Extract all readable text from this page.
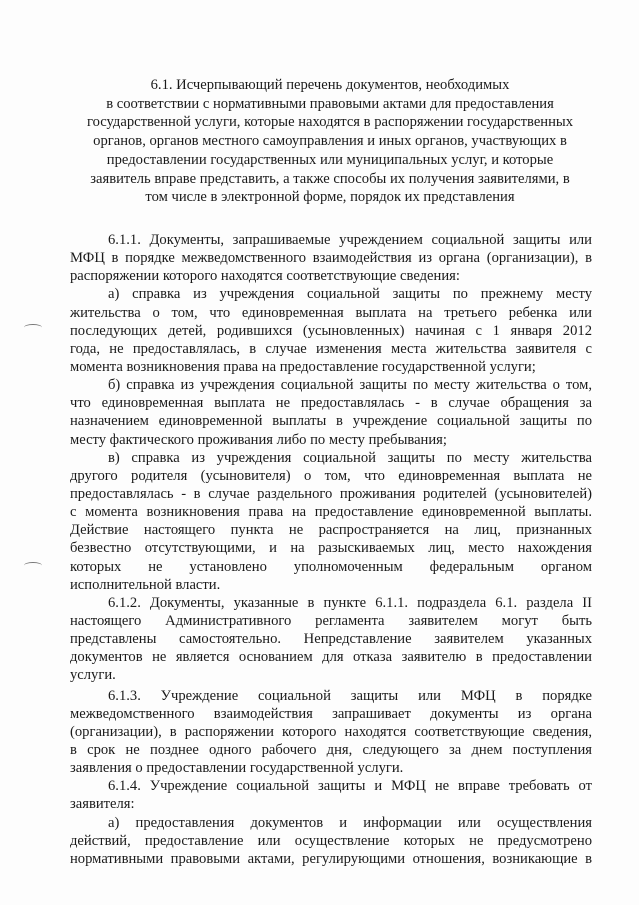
6.1. Исчерпывающий перечень документов, необходимых
в соответствии с нормативными правовыми актами для предоставления
государственной услуги, которые находятся в распоряжении государственных
органов, органов местного самоуправления и иных органов, участвующих в
предоставлении государственных или муниципальных услуг, и которые
заявитель вправе представить, а также способы их получения заявителями, в
том числе в электронной форме, порядок их представления
6.1.1. Документы, запрашиваемые учреждением социальной защиты или
МФЦ в порядке межведомственного взаимодействия из органа (организации), в
распоряжении которого находятся соответствующие сведения:
а) справка из учреждения социальной защиты по прежнему месту
жительства о том, что единовременная выплата на третьего ребенка или
последующих детей, родившихся (усыновленных) начиная с 1 января 2012
года, не предоставлялась, в случае изменения места жительства заявителя с
момента возникновения права на предоставление государственной услуги;
б) справка из учреждения социальной защиты по месту жительства о том,
что единовременная выплата не предоставлялась - в случае обращения за
назначением единовременной выплаты в учреждение социальной защиты по
месту фактического проживания либо по месту пребывания;
в) справка из учреждения социальной защиты по месту жительства
другого родителя (усыновителя) о том, что единовременная выплата не
предоставлялась - в случае раздельного проживания родителей (усыновителей)
с момента возникновения права на предоставление единовременной выплаты.
Действие настоящего пункта не распространяется на лиц, признанных
безвестно отсутствующими, и на разыскиваемых лиц, место нахождения
которых не установлено уполномоченным федеральным органом
исполнительной власти.
6.1.2. Документы, указанные в пункте 6.1.1. подраздела 6.1. раздела II
настоящего Административного регламента заявителем могут быть
представлены самостоятельно. Непредставление заявителем указанных
документов не является основанием для отказа заявителю в предоставлении
услуги.
6.1.3. Учреждение социальной защиты или МФЦ в порядке
межведомственного взаимодействия запрашивает документы из органа
(организации), в распоряжении которого находятся соответствующие сведения,
в срок не позднее одного рабочего дня, следующего за днем поступления
заявления о предоставлении государственной услуги.
6.1.4. Учреждение социальной защиты и МФЦ не вправе требовать от
заявителя:
а) предоставления документов и информации или осуществления
действий, предоставление или осуществление которых не предусмотрено
нормативными правовыми актами, регулирующими отношения, возникающие в
